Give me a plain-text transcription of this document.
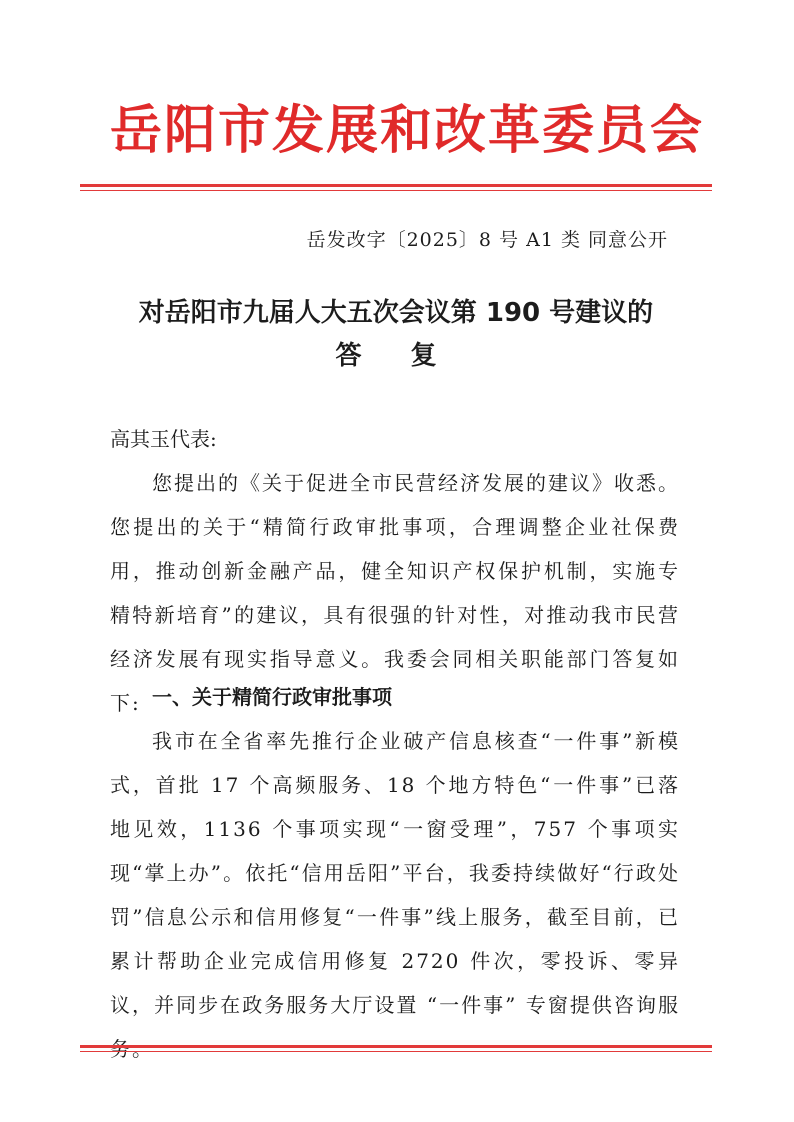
岳阳市发展和改革委员会
岳发改字〔2025〕8 号 A1 类 同意公开
对岳阳市九届人大五次会议第 190 号建议的
答 复
高其玉代表:

您提出的《关于促进全市民营经济发展的建议》收悉。您提出的关于“精简行政审批事项，合理调整企业社保费用，推动创新金融产品，健全知识产权保护机制，实施专精特新培育”的建议，具有很强的针对性，对推动我市民营经济发展有现实指导意义。我委会同相关职能部门答复如下: 一、关于精简行政审批事项

我市在全省率先推行企业破产信息核查“一件事”新模式，首批 17 个高频服务、18 个地方特色“一件事”已落地见效，1136 个事项实现“一窗受理”，757 个事项实现“掌上办”。依托“信用岳阳”平台，我委持续做好“行政处罚”信息公示和信用修复“一件事”线上服务，截至目前，已累计帮助企业完成信用修复 2720 件次，零投诉、零异议，并同步在政务服务大厅设置 “一件事” 专窗提供咨询服务。
